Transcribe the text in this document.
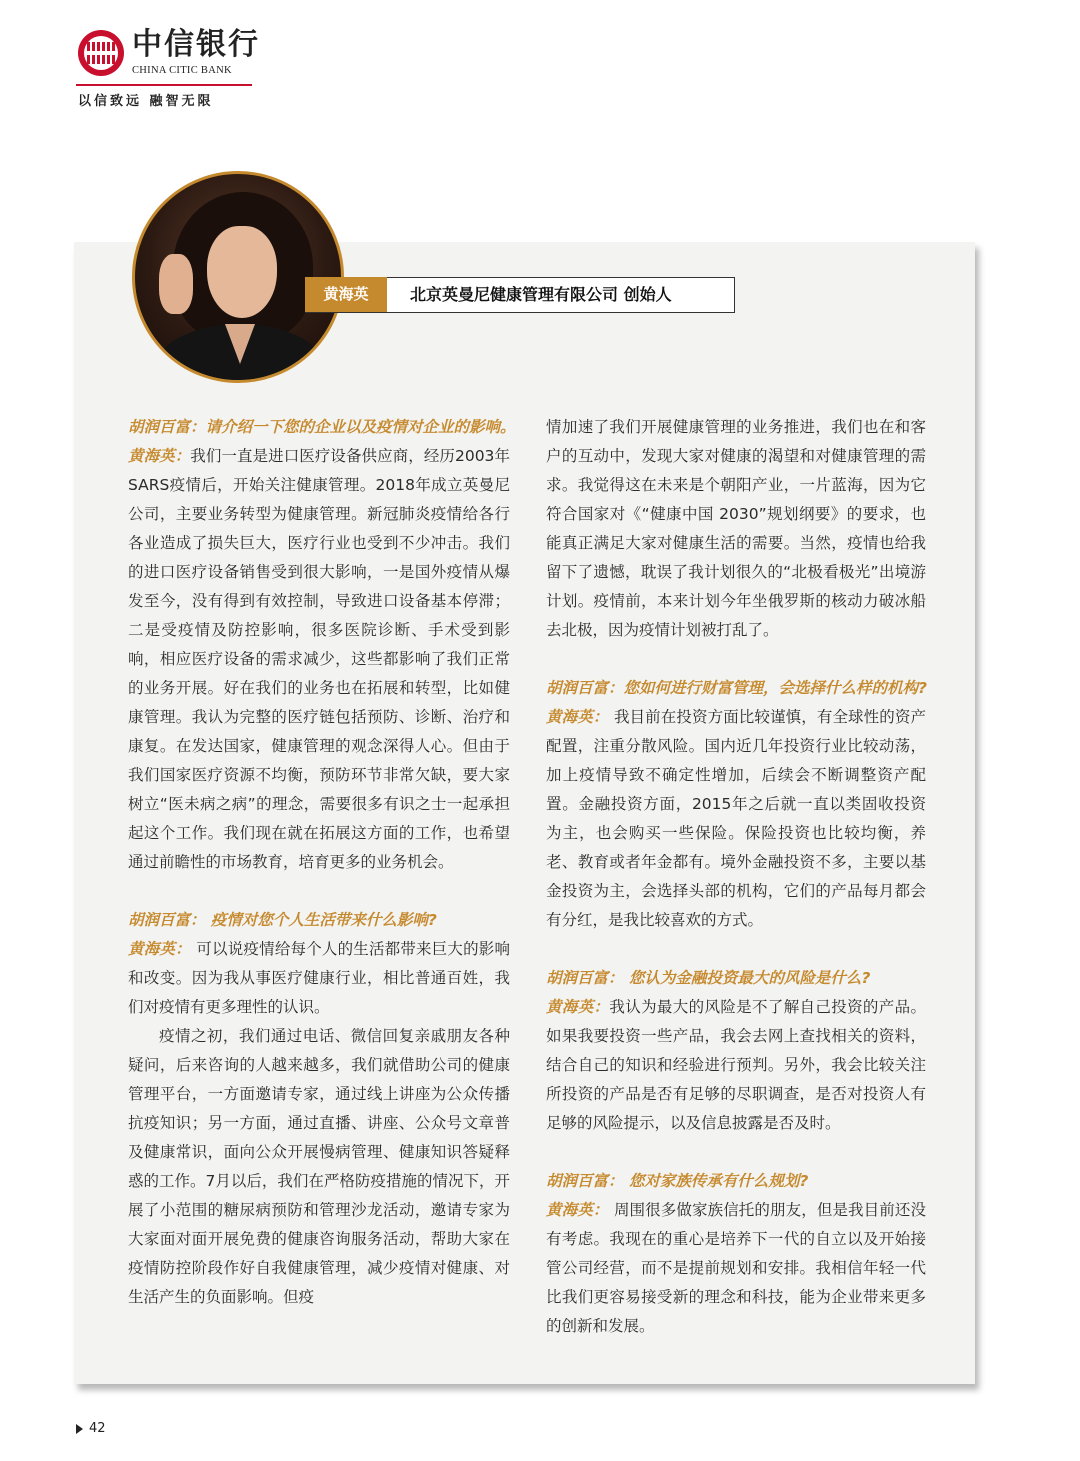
中信银行
CHINA CITIC BANK
以信致远 融智无限
黄海英	北京英曼尼健康管理有限公司 创始人

胡润百富：请介绍一下您的企业以及疫情对企业的影响。

黄海英：我们一直是进口医疗设备供应商，经历2003年SARS疫情后，开始关注健康管理。2018年成立英曼尼公司，主要业务转型为健康管理。新冠肺炎疫情给各行各业造成了损失巨大，医疗行业也受到不少冲击。我们的进口医疗设备销售受到很大影响，一是国外疫情从爆发至今，没有得到有效控制，导致进口设备基本停滞；二是受疫情及防控影响，很多医院诊断、手术受到影响，相应医疗设备的需求减少，这些都影响了我们正常的业务开展。好在我们的业务也在拓展和转型，比如健康管理。我认为完整的医疗链包括预防、诊断、治疗和康复。在发达国家，健康管理的观念深得人心。但由于我们国家医疗资源不均衡，预防环节非常欠缺，要大家树立“医未病之病”的理念，需要很多有识之士一起承担起这个工作。我们现在就在拓展这方面的工作，也希望通过前瞻性的市场教育，培育更多的业务机会。

胡润百富： 疫情对您个人生活带来什么影响?

黄海英： 可以说疫情给每个人的生活都带来巨大的影响和改变。因为我从事医疗健康行业，相比普通百姓，我们对疫情有更多理性的认识。

疫情之初，我们通过电话、微信回复亲戚朋友各种疑问，后来咨询的人越来越多，我们就借助公司的健康管理平台，一方面邀请专家，通过线上讲座为公众传播抗疫知识；另一方面，通过直播、讲座、公众号文章普及健康常识，面向公众开展慢病管理、健康知识答疑释惑的工作。7月以后，我们在严格防疫措施的情况下，开展了小范围的糖尿病预防和管理沙龙活动，邀请专家为大家面对面开展免费的健康咨询服务活动，帮助大家在疫情防控阶段作好自我健康管理，减少疫情对健康、对生活产生的负面影响。但疫

情加速了我们开展健康管理的业务推进，我们也在和客户的互动中，发现大家对健康的渴望和对健康管理的需求。我觉得这在未来是个朝阳产业，一片蓝海，因为它符合国家对《“健康中国 2030”规划纲要》的要求，也能真正满足大家对健康生活的需要。当然，疫情也给我留下了遗憾，耽误了我计划很久的“北极看极光”出境游计划。疫情前，本来计划今年坐俄罗斯的核动力破冰船去北极，因为疫情计划被打乱了。

胡润百富：您如何进行财富管理，会选择什么样的机构?

黄海英： 我目前在投资方面比较谨慎，有全球性的资产配置，注重分散风险。国内近几年投资行业比较动荡，加上疫情导致不确定性增加，后续会不断调整资产配置。金融投资方面，2015年之后就一直以类固收投资为主，也会购买一些保险。保险投资也比较均衡，养老、教育或者年金都有。境外金融投资不多，主要以基金投资为主，会选择头部的机构，它们的产品每月都会有分红，是我比较喜欢的方式。

胡润百富： 您认为金融投资最大的风险是什么?

黄海英：我认为最大的风险是不了解自己投资的产品。如果我要投资一些产品，我会去网上查找相关的资料，结合自己的知识和经验进行预判。另外，我会比较关注所投资的产品是否有足够的尽职调查，是否对投资人有足够的风险提示，以及信息披露是否及时。

胡润百富： 您对家族传承有什么规划?

黄海英： 周围很多做家族信托的朋友，但是我目前还没有考虑。我现在的重心是培养下一代的自立以及开始接管公司经营，而不是提前规划和安排。我相信年轻一代比我们更容易接受新的理念和科技，能为企业带来更多的创新和发展。

42
